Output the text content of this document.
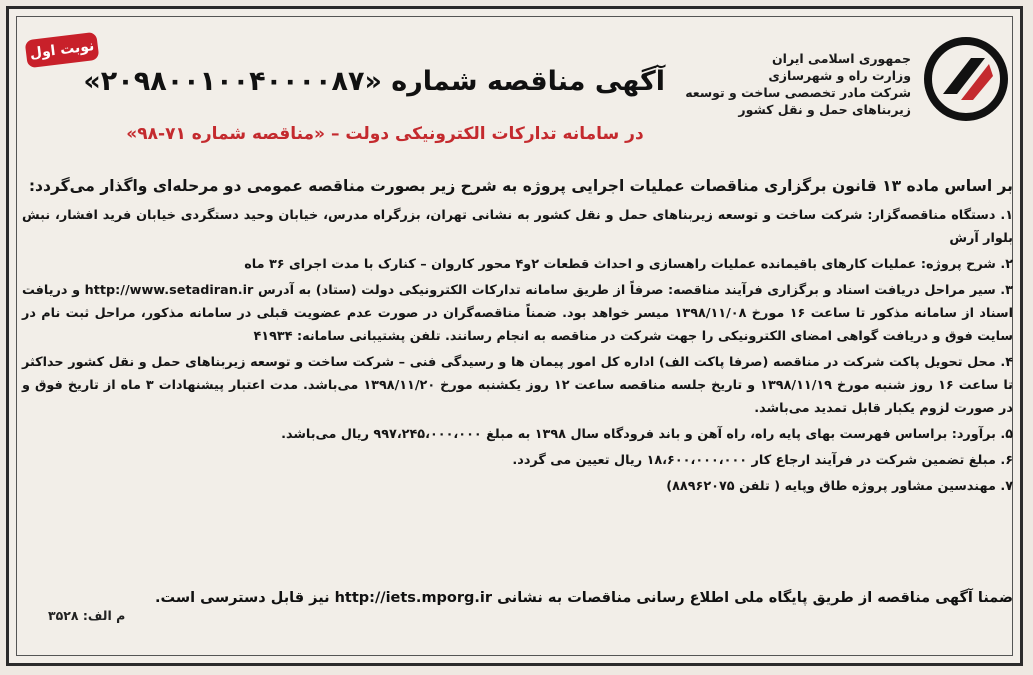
جمهوری اسلامی ایران
وزارت راه و شهرسازی
شرکت مادر تخصصی ساخت و توسعه
زیربناهای حمل و نقل کشور
نوبت اول
آگهی مناقصه شماره «۲۰۹۸۰۰۱۰۰۴۰۰۰۰۸۷»
در سامانه تدارکات الکترونیکی دولت – «مناقصه شماره ۷۱-۹۸»
بر اساس ماده ۱۳ قانون برگزاری مناقصات عملیات اجرایی پروژه به شرح زیر بصورت مناقصه عمومی دو مرحله‌ای واگذار می‌گردد:
۱. دستگاه مناقصه‌گزار: شرکت ساخت و توسعه زیربناهای حمل و نقل کشور به نشانی تهران، بزرگراه مدرس، خیابان وحید دستگردی خیابان فرید افشار، نبش بلوار آرش
۲. شرح پروژه: عملیات کارهای باقیمانده عملیات راهسازی و احداث قطعات ۲و۴ محور کاروان – کنارک با مدت اجرای ۳۶ ماه
۳. سیر مراحل دریافت اسناد و برگزاری فرآیند مناقصه: صرفاً از طریق سامانه تدارکات الکترونیکی دولت (ستاد) به آدرس http://www.setadiran.ir و دریافت اسناد از سامانه مذکور تا ساعت ۱۶ مورخ ۱۳۹۸/۱۱/۰۸ میسر خواهد بود. ضمناً مناقصه‌گران در صورت عدم عضویت قبلی در سامانه مذکور، مراحل ثبت نام در سایت فوق و دریافت گواهی امضای الکترونیکی را جهت شرکت در مناقصه به انجام رسانند. تلفن پشتیبانی سامانه: ۴۱۹۳۴
۴. محل تحویل پاکت شرکت در مناقصه (صرفا پاکت الف) اداره کل امور پیمان ها و رسیدگی فنی – شرکت ساخت و توسعه زیربناهای حمل و نقل کشور حداکثر تا ساعت ۱۶ روز شنبه مورخ ۱۳۹۸/۱۱/۱۹ و تاریخ جلسه مناقصه ساعت ۱۲ روز یکشنبه مورخ ۱۳۹۸/۱۱/۲۰ می‌باشد. مدت اعتبار پیشنهادات ۳ ماه از تاریخ فوق و در صورت لزوم یکبار قابل تمدید می‌باشد.
۵. برآورد: براساس فهرست بهای پایه راه، راه آهن و باند فرودگاه سال ۱۳۹۸ به مبلغ ۹۹۷،۲۴۵،۰۰۰،۰۰۰ ریال می‌باشد.
۶. مبلغ تضمین شرکت در فرآیند ارجاع کار ۱۸،۶۰۰،۰۰۰،۰۰۰ ریال تعیین می گردد.
۷. مهندسین مشاور پروژه طاق وپایه ( تلفن ۸۸۹۶۲۰۷۵)
ضمنا آگهی مناقصه از طریق پایگاه ملی اطلاع رسانی مناقصات به نشانی http://iets.mporg.ir نیز قابل دسترسی است.
م الف: ۳۵۲۸
